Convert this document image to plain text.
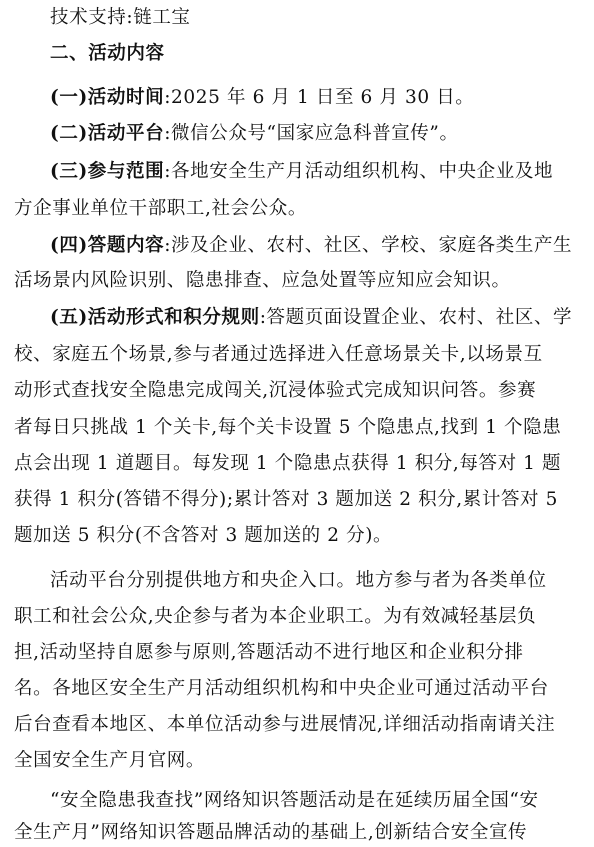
技术支持:链工宝
二、活动内容
(一)活动时间:2025 年 6 月 1 日至 6 月 30 日。
(二)活动平台:微信公众号“国家应急科普宣传”。
(三)参与范围:各地安全生产月活动组织机构、中央企业及地
方企事业单位干部职工,社会公众。
(四)答题内容:涉及企业、农村、社区、学校、家庭各类生产生
活场景内风险识别、隐患排查、应急处置等应知应会知识。
(五)活动形式和积分规则:答题页面设置企业、农村、社区、学
校、家庭五个场景,参与者通过选择进入任意场景关卡,以场景互
动形式查找安全隐患完成闯关,沉浸体验式完成知识问答。参赛
者每日只挑战 1 个关卡,每个关卡设置 5 个隐患点,找到 1 个隐患
点会出现 1 道题目。每发现 1 个隐患点获得 1 积分,每答对 1 题
获得 1 积分(答错不得分);累计答对 3 题加送 2 积分,累计答对 5
题加送 5 积分(不含答对 3 题加送的 2 分)。
活动平台分别提供地方和央企入口。地方参与者为各类单位
职工和社会公众,央企参与者为本企业职工。为有效减轻基层负
担,活动坚持自愿参与原则,答题活动不进行地区和企业积分排
名。各地区安全生产月活动组织机构和中央企业可通过活动平台
后台查看本地区、本单位活动参与进展情况,详细活动指南请关注
全国安全生产月官网。
“安全隐患我查找”网络知识答题活动是在延续历届全国“安
全生产月”网络知识答题品牌活动的基础上,创新结合安全宣传
